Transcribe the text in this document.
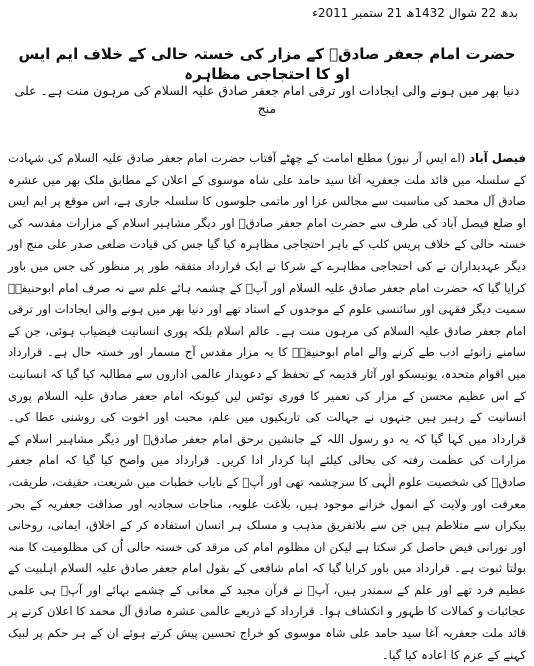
بدھ 22 شوال 1432ھ 21 ستمبر 2011ء
حضرت امام جعفر صادقؑ کے مزار کی خستہ حالی کے خلاف ایم ایس او کا احتجاجی مظاہرہ
دنیا بھر میں ہونے والی ایجادات اور ترقی امام جعفر صادق علیہ السلام کی مرہون منت ہے۔ علی منج
فیصل آباد (اے ایس آر نیوز) مطلع امامت کے چھٹے آفتاب حضرت امام جعفر صادق علیہ السلام کی شہادت کے سلسلہ میں قائد ملت جعفریہ آغا سید حامد علی شاہ موسوی کے اعلان کے مطابق ملک بھر میں عشرہ صادق آل محمد کی مناسبت سے مجالس عزا اور ماتمی جلوسوں کا سلسلہ جاری ہے، اس موقع پر ایم ایس او ضلع فیصل آباد کی طرف سے حضرت امام جعفر صادقؑ اور دیگر مشاہیر اسلام کے مزارات مقدسہ کی خستہ حالی کے خلاف پریس کلب کے باہر احتجاجی مظاہرہ کیا گیا جس کی قیادت ضلعی صدر علی منج اور دیگر عہدیداران نے کی احتجاجی مظاہرے کے شرکا نے ایک قرارداد متفقہ طور پر منظور کی جس میں باور کرایا گیا کہ حضرت امام جعفر صادق علیہ السلام اور آپؑ کے چشمہ ہائے علم سے نہ صرف امام ابوحنیفہؒ سمیت دیگر فقہی اور سائنسی علوم کے موجدوں کے استاد تھے اور دنیا بھر میں ہونے والی ایجادات اور ترقی امام جعفر صادق علیہ السلام کی مرہون منت ہے۔ عالم اسلام بلکہ پوری انسانیت فیضیاب ہوئی، جن کے سامنے زانوئے ادب طے کرنے والے امام ابوحنیفہؒ کا یہ مزار مقدس آج مسمار اور خستہ حال ہے۔ قرارداد میں اقوام متحدہ، یونیسکو اور آثار قدیمہ کے تحفظ کے دعویدار عالمی اداروں سے مطالبہ کیا گیا کہ انسانیت کے اس عظیم محسن کے مزار کی تعمیر کا فوری نوٹس لیں کیونکہ امام جعفر صادق علیہ السلام پوری انسانیت کے رہبر ہیں جنہوں نے جہالت کی تاریکیوں میں علم، محبت اور اخوت کی روشنی عطا کی۔ قرارداد میں کہا گیا کہ یہ دو رسول اللہ کے جانشین برحق امام جعفر صادقؑ اور دیگر مشاہیر اسلام کے مزارات کی عظمت رفتہ کی بحالی کیلئے اپنا کردار ادا کریں۔ قرارداد میں واضح کیا گیا کہ امام جعفر صادقؑ کی شخصیت علوم الٰہی کا سرچشمہ تھی اور آپؑ کے نایاب خطبات میں شریعت، حقیقت، طریقت، معرفت اور ولایت کے انمول خزانے موجود ہیں، بلاغت علویہ، مناجات سجادیہ اور صداقت جعفریہ کے بحر بیکراں سے متلاطم ہیں جن سے بلاتفریق مذہب و مسلک ہر انسان استفادہ کر کے اخلاق، ایمانی، روحانی اور نورانی فیض حاصل کر سکتا ہے لیکن ان مظلوم امام کی مرقد کی خستہ حالی اُن کی مظلومیت کا منہ بولتا ثبوت ہے۔ قرارداد میں باور کرایا گیا کہ امام شافعی کے بقول امام جعفر صادق علیہ السلام اہلبیت کے عظیم فرد تھے اور علم کے سمندر ہیں، آپؑ نے قرآن مجید کے معانی کے چشمے بہائے اور آپؑ ہی علمی عجائبات و کمالات کا ظہور و انکشاف ہوا۔ قرارداد کے ذریعے عالمی عشرہ صادق آل محمد کا اعلان کرنے پر قائد ملت جعفریہ آغا سید حامد علی شاہ موسوی کو خراج تحسین پیش کرتے ہوئے ان کے ہر حکم پر لبیک کہنے کے عزم کا اعادہ کیا گیا۔
